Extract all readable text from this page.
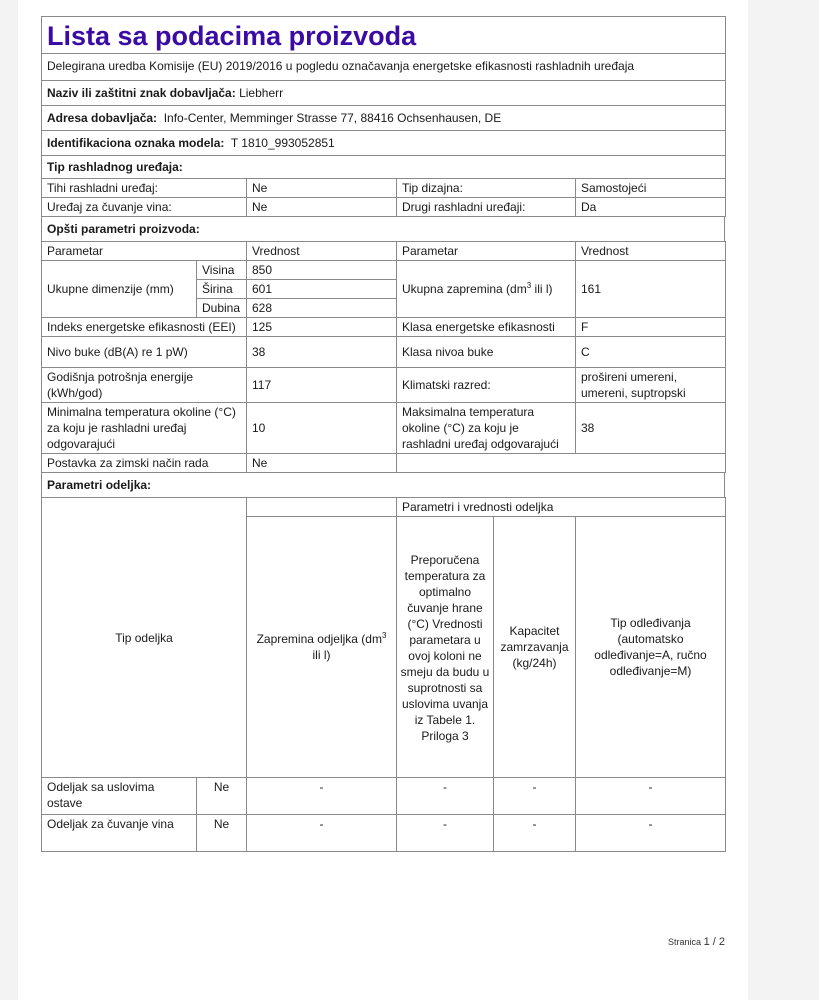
Lista sa podacima proizvoda
Delegirana uredba Komisije (EU) 2019/2016 u pogledu označavanja energetske efikasnosti rashladnih uređaja
Naziv ili zaštitni znak dobavljača: Liebherr
Adresa dobavljača: Info-Center, Memminger Strasse 77, 88416 Ochsenhausen, DE
Identifikaciona oznaka modela: T 1810_993052851
Tip rashladnog uređaja:
Tihi rashladni uređaj:	Ne	Tip dizajna:	Samostojeći
Uređaj za čuvanje vina:	Ne	Drugi rashladni uređaji:	Da
Opšti parametri proizvoda:
Parametar		Vrednost	Parametar	Vrednost
Ukupne dimenzije (mm)	Visina	850	Ukupna zapremina ($dm^3$ ili l)	161
	Širina	601		
	Dubina	628		
Indeks energetske efikasnosti (EEI)		125	Klasa energetske efikasnosti	F
Nivo buke (dB(A) re 1 pW)		38	Klasa nivoa buke	C
Godišnja potrošnja energije (kWh/god)		117	Klimatski razred:	prošireni umereni, umereni, suptropski
Minimalna temperatura okoline (°C) za koju je rashladni uređaj odgovarajući		10	Maksimalna temperatura okoline (°C) za koju je rashladni uređaj odgovarajući	38
Postavka za zimski način rada		Ne		
Parametri odeljka:
Tip odeljka			Parametri i vrednosti odeljka		
		Zapremina odjeljka ($dm^3$ ili l)	Preporučena temperatura za optimalno čuvanje hrane (°C) Vrednosti parametara u ovoj koloni ne smeju da budu u suprotnosti sa uslovima uvanja iz Tabele 1. Priloga 3	Kapacitet zamrzavanja (kg/24h)	Tip odleđivanja (automatsko odleđivanje=A, ručno odleđivanje=M)
Odeljak sa uslovima ostave	Ne	-	-	-	-
Odeljak za čuvanje vina	Ne	-	-	-	-
Stranica 1 / 2
